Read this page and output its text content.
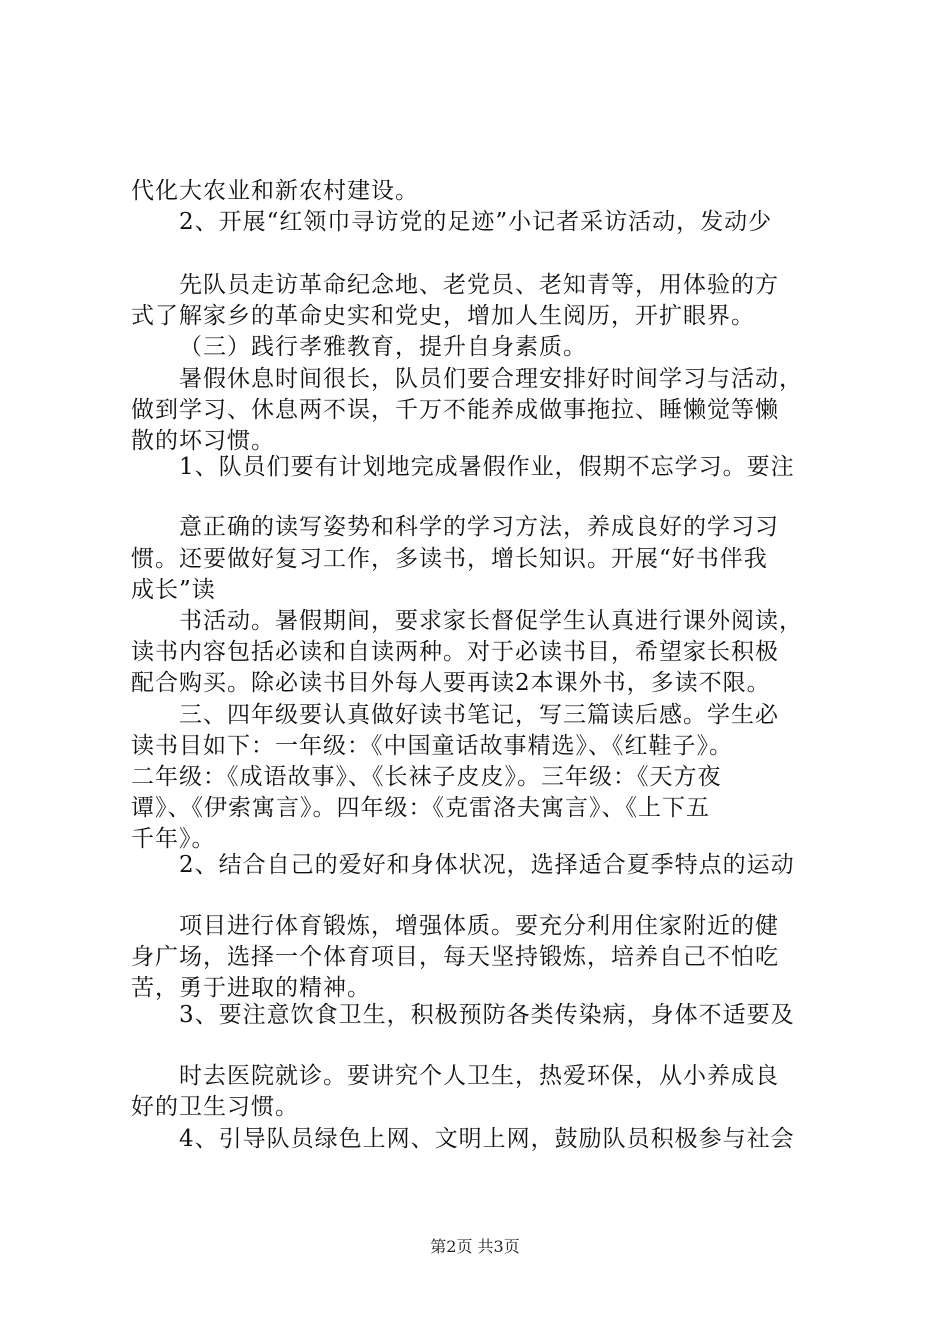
代化大农业和新农村建设。
2、开展“红领巾寻访党的足迹”小记者采访活动，发动少
先队员走访革命纪念地、老党员、老知青等，用体验的方
式了解家乡的革命史实和党史，增加人生阅历，开扩眼界。
（三）践行孝雅教育，提升自身素质。
暑假休息时间很长，队员们要合理安排好时间学习与活动，
做到学习、休息两不误，千万不能养成做事拖拉、睡懒觉等懒
散的坏习惯。
1、队员们要有计划地完成暑假作业，假期不忘学习。要注
意正确的读写姿势和科学的学习方法，养成良好的学习习
惯。还要做好复习工作，多读书，增长知识。开展“好书伴我
成长”读
书活动。暑假期间，要求家长督促学生认真进行课外阅读，
读书内容包括必读和自读两种。对于必读书目，希望家长积极
配合购买。除必读书目外每人要再读2本课外书，多读不限。
三、四年级要认真做好读书笔记，写三篇读后感。学生必
读书目如下：一年级：《中国童话故事精选》、《红鞋子》。
二年级：《成语故事》、《长袜子皮皮》。三年级：《天方夜
谭》、《伊索寓言》。四年级：《克雷洛夫寓言》、《上下五
千年》。
2、结合自己的爱好和身体状况，选择适合夏季特点的运动
项目进行体育锻炼，增强体质。要充分利用住家附近的健
身广场，选择一个体育项目，每天坚持锻炼，培养自己不怕吃
苦，勇于进取的精神。
3、要注意饮食卫生，积极预防各类传染病，身体不适要及
时去医院就诊。要讲究个人卫生，热爱环保，从小养成良
好的卫生习惯。
4、引导队员绿色上网、文明上网，鼓励队员积极参与社会
第2页 共3页
